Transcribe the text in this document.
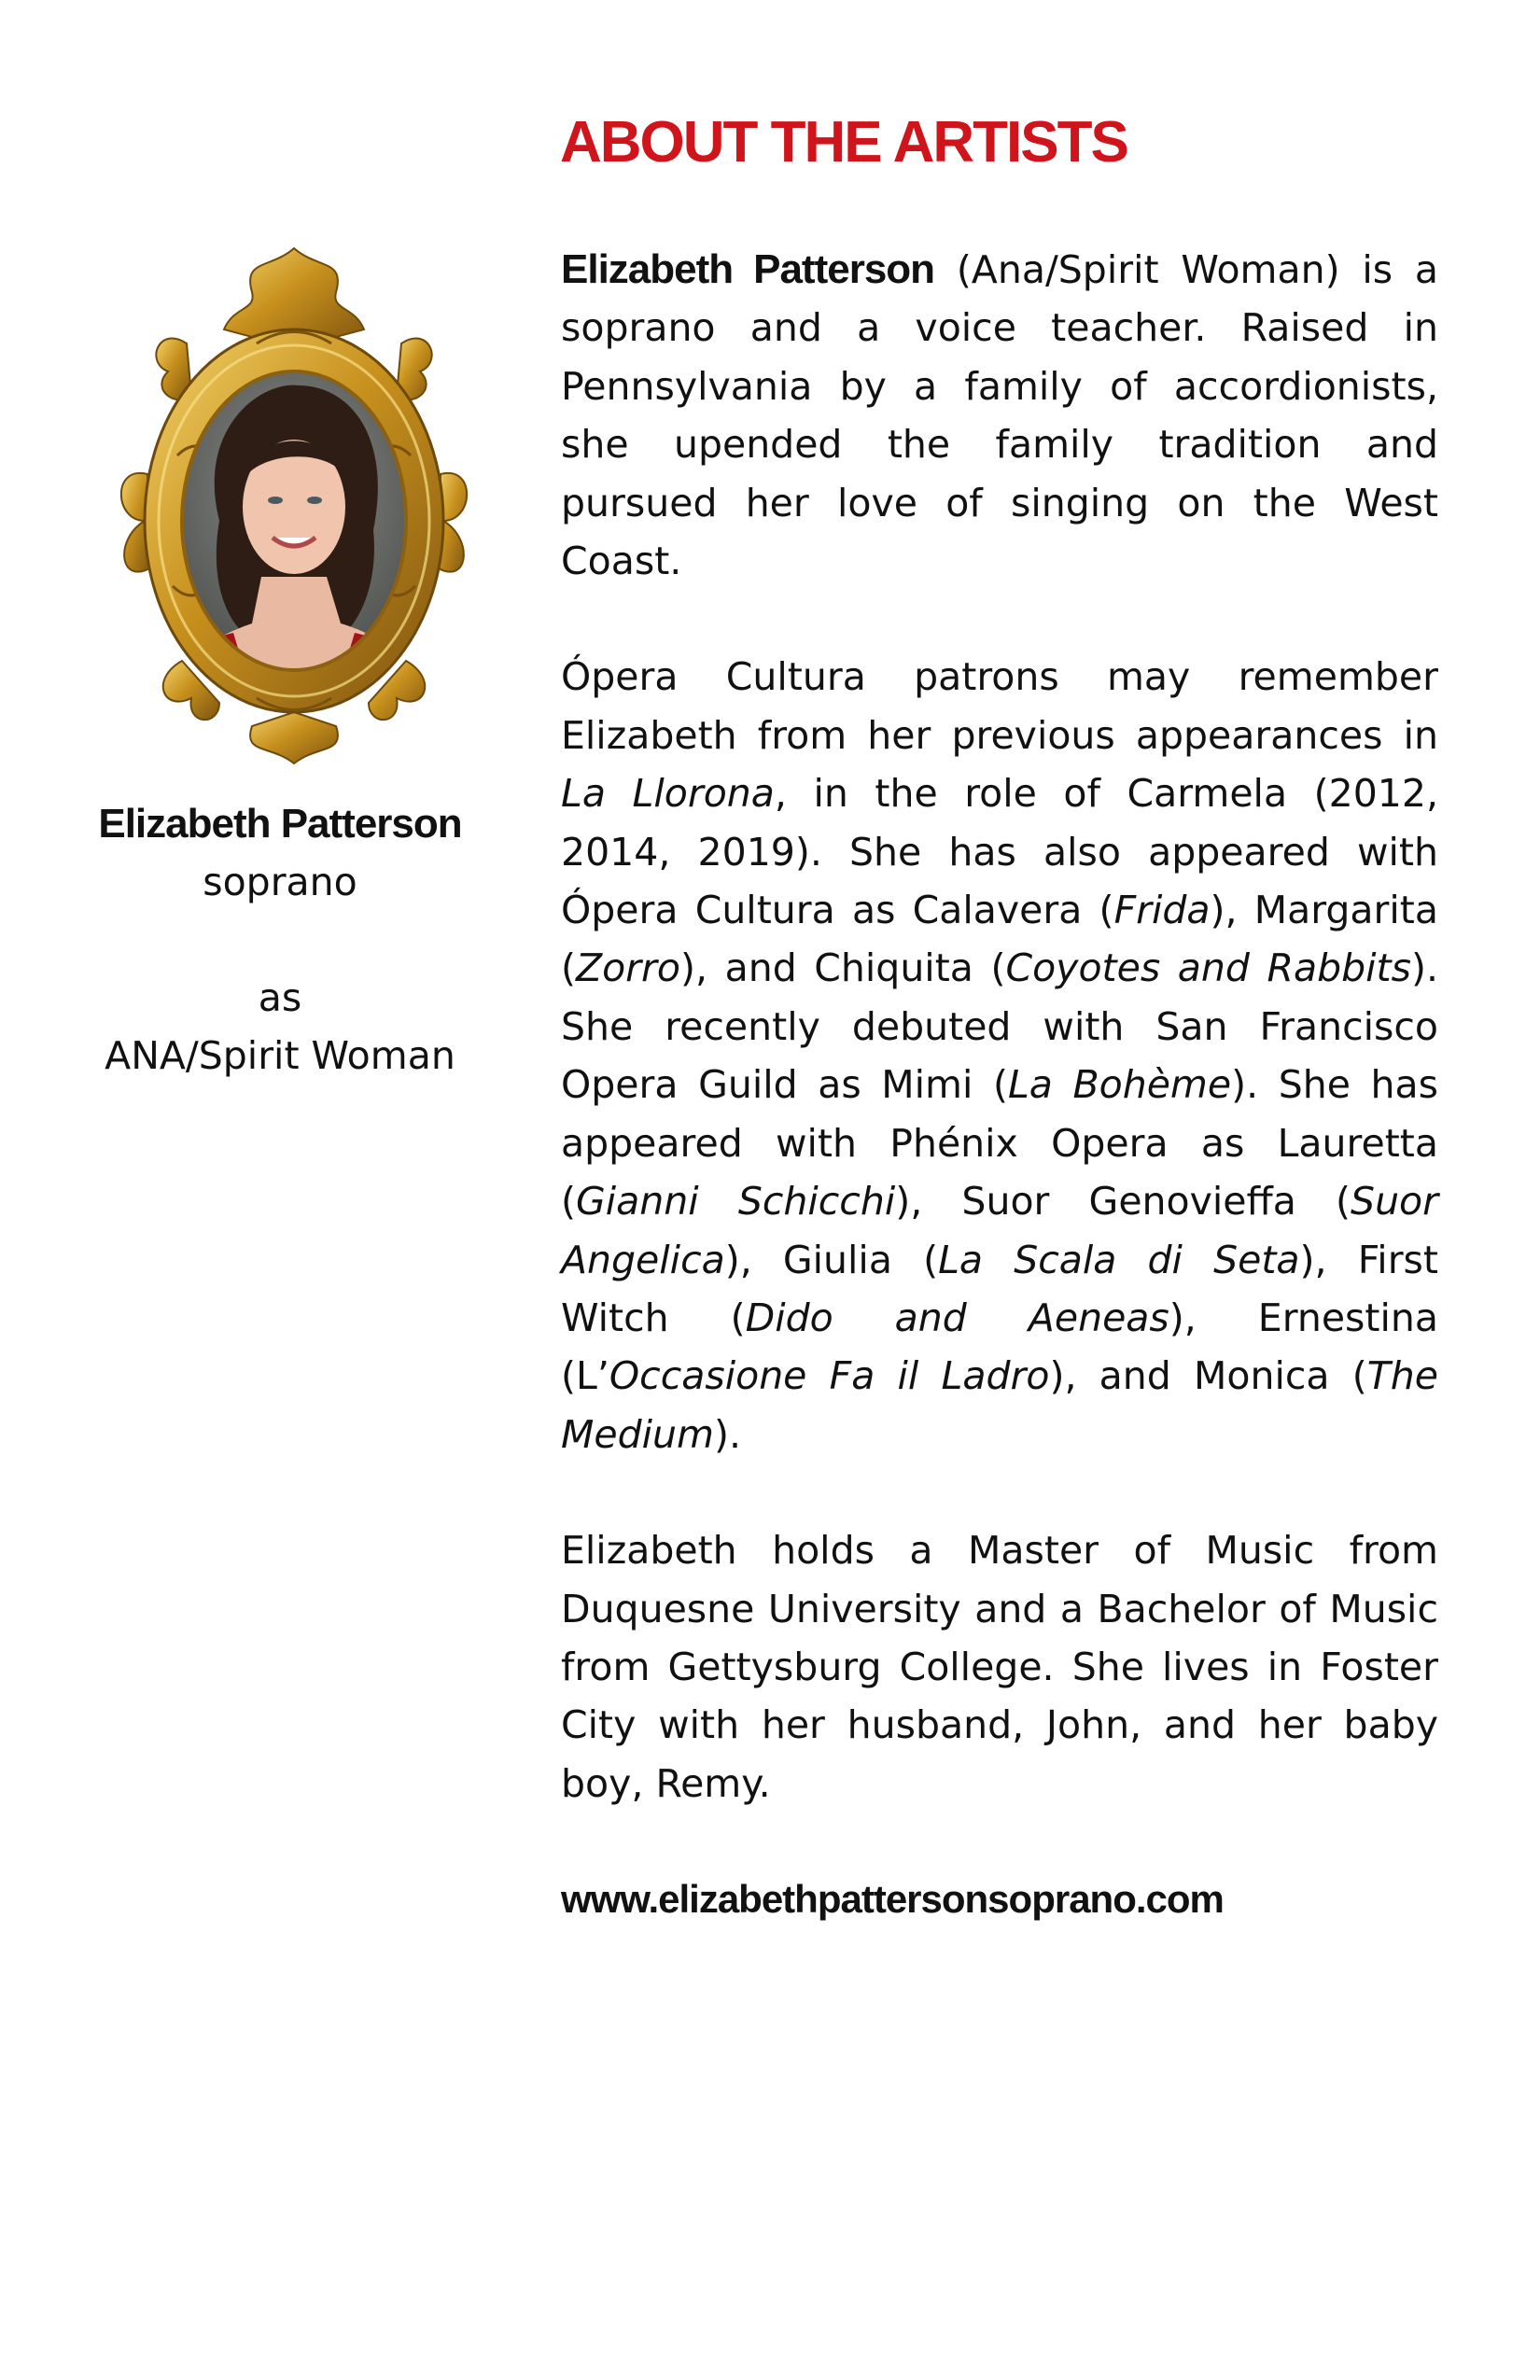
ABOUT THE ARTISTS
Elizabeth Patterson
soprano

as
ANA/Spirit Woman

Elizabeth Patterson (Ana/Spirit Woman) is a soprano and a voice teacher. Raised in Pennsylvania by a family of accordionists, she upended the family tradition and pursued her love of singing on the West Coast.

Ópera Cultura patrons may remember Elizabeth from her previous appearances in La Llorona, in the role of Carmela (2012, 2014, 2019). She has also appeared with Ópera Cultura as Calavera (Frida), Margarita (Zorro), and Chiquita (Coyotes and Rabbits). She recently debuted with San Francisco Opera Guild as Mimi (La Bohème). She has appeared with Phénix Opera as Lauretta (Gianni Schicchi), Suor Genovieffa (Suor Angelica), Giulia (La Scala di Seta), First Witch (Dido and Aeneas), Ernestina (L’Occasione Fa il Ladro), and Monica (The Medium).

Elizabeth holds a Master of Music from Duquesne University and a Bachelor of Music from Gettysburg College. She lives in Foster City with her husband, John, and her baby boy, Remy.

www.elizabethpattersonsoprano.com
